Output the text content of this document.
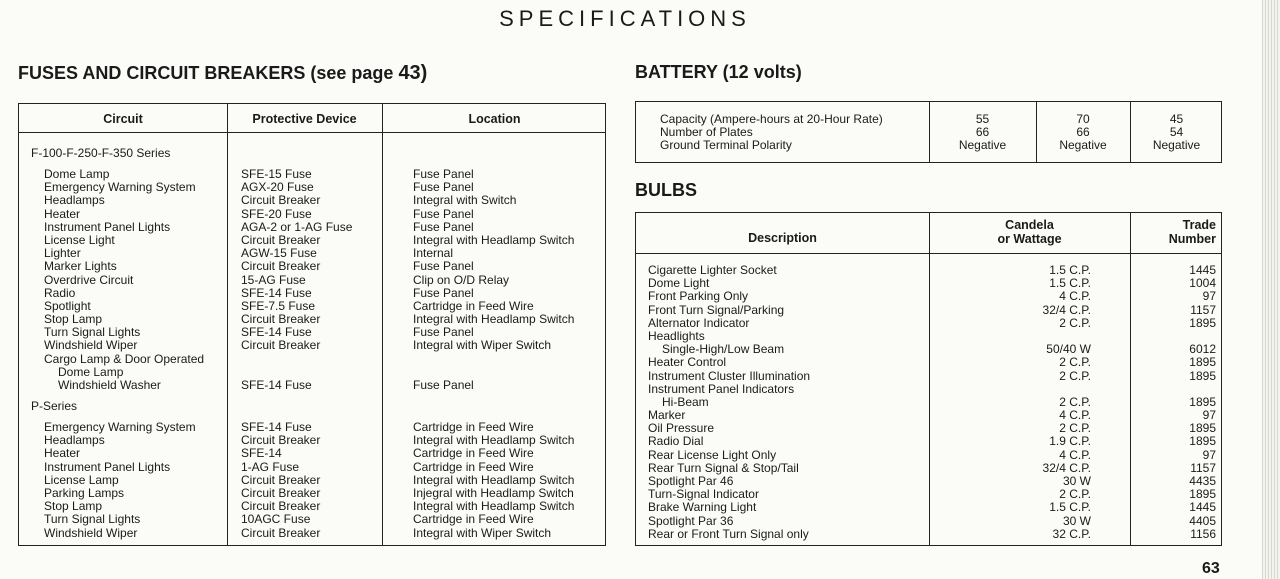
SPECIFICATIONS
FUSES AND CIRCUIT BREAKERS (see page 43)
Circuit	Protective Device	Location
F-100-F-250-F-350 Series
Dome Lamp
Emergency Warning System
Headlamps
Heater
Instrument Panel Lights
License Light
Lighter
Marker Lights
Overdrive Circuit
Radio
Spotlight
Stop Lamp
Turn Signal Lights
Windshield Wiper
Cargo Lamp & Door Operated
Dome Lamp
Windshield Washer
SFE-15 Fuse
AGX-20 Fuse
Circuit Breaker
SFE-20 Fuse
AGA-2 or 1-AG Fuse
Circuit Breaker
AGW-15 Fuse
Circuit Breaker
15-AG Fuse
SFE-14 Fuse
SFE-7.5 Fuse
Circuit Breaker
SFE-14 Fuse
Circuit Breaker
SFE-14 Fuse
Fuse Panel
Fuse Panel
Integral with Switch
Fuse Panel
Fuse Panel
Integral with Headlamp Switch
Internal
Fuse Panel
Clip on O/D Relay
Fuse Panel
Cartridge in Feed Wire
Integral with Headlamp Switch
Fuse Panel
Integral with Wiper Switch
Fuse Panel
P-Series
Emergency Warning System
Headlamps
Heater
Instrument Panel Lights
License Lamp
Parking Lamps
Stop Lamp
Turn Signal Lights
Windshield Wiper
SFE-14 Fuse
Circuit Breaker
SFE-14
1-AG Fuse
Circuit Breaker
Circuit Breaker
Circuit Breaker
10AGC Fuse
Circuit Breaker
Cartridge in Feed Wire
Integral with Headlamp Switch
Cartridge in Feed Wire
Cartridge in Feed Wire
Integral with Headlamp Switch
Injegral with Headlamp Switch
Integral with Headlamp Switch
Cartridge in Feed Wire
Integral with Wiper Switch
BATTERY (12 volts)
Capacity (Ampere-hours at 20-Hour Rate)
Number of Plates
Ground Terminal Polarity
55
66
Negative
70
66
Negative
45
54
Negative
BULBS
Description
Candela
or Wattage
Trade
Number
Cigarette Lighter Socket
Dome Light
Front Parking Only
Front Turn Signal/Parking
Alternator Indicator
Headlights
Single-High/Low Beam
Heater Control
Instrument Cluster Illumination
Instrument Panel Indicators
Hi-Beam
Marker
Oil Pressure
Radio Dial
Rear License Light Only
Rear Turn Signal & Stop/Tail
Spotlight Par 46
Turn-Signal Indicator
Brake Warning Light
Spotlight Par 36
Rear or Front Turn Signal only
1.5 C.P.
1.5 C.P.
4 C.P.
32/4 C.P.
2 C.P.
50/40 W
2 C.P.
2 C.P.
2 C.P.
4 C.P.
2 C.P.
1.9 C.P.
4 C.P.
32/4 C.P.
30 W
2 C.P.
1.5 C.P.
30 W
32 C.P.
1445
1004
97
1157
1895
6012
1895
1895
1895
97
1895
1895
97
1157
4435
1895
1445
4405
1156
63
